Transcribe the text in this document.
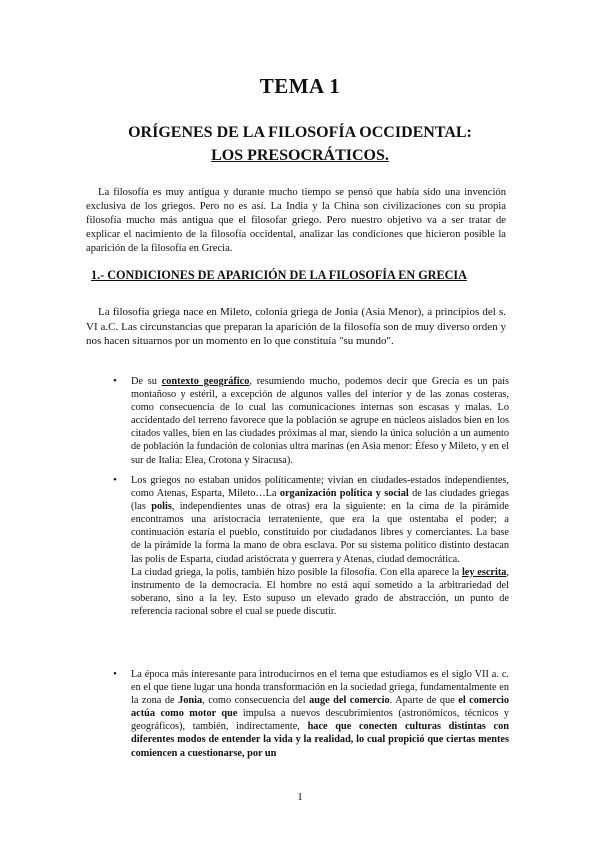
TEMA 1
ORÍGENES DE LA FILOSOFÍA OCCIDENTAL:
LOS PRESOCRÁTICOS.
La filosofía es muy antigua y durante mucho tiempo se pensó que había sido una invención exclusiva de los griegos. Pero no es así. La India y la China son civilizaciones con su propia filosofía mucho más antigua que el filosofar griego. Pero nuestro objetivo va a ser tratar de explicar el nacimiento de la filosofía occidental, analizar las condiciones que hicieron posible la aparición de la filosofía en Grecia.
1.- CONDICIONES DE APARICIÓN DE LA FILOSOFÍA EN GRECIA
La filosofía griega nace en Mileto, colonia griega de Jonia (Asia Menor), a principios del s. VI a.C. Las circunstancias que preparan la aparición de la filosofía son de muy diverso orden y nos hacen situarnos por un momento en lo que constituía "su mundo".
• De su contexto geográfico, resumiendo mucho, podemos decir que Grecia es un país montañoso y estéril, a excepción de algunos valles del interior y de las zonas costeras, como consecuencia de lo cual las comunicaciones internas son escasas y malas. Lo accidentado del terreno favorece que la población se agrupe en núcleos aislados bien en los citados valles, bien en las ciudades próximas al mar, siendo la única solución a un aumento de población la fundación de colonias ultra marinas (en Asia menor: Éfeso y Mileto, y en el sur de Italia: Elea, Crotona y Siracusa).
• Los griegos no estaban unidos políticamente; vivían en ciudades-estados independientes, como Atenas, Esparta, Mileto…La organización política y social de las ciudades griegas (las polis, independientes unas de otras) era la siguiente: en la cima de la pirámide encontramos una aristocracia terrateniente, que era la que ostentaba el poder; a continuación estaría el pueblo, constituido por ciudadanos libres y comerciantes. La base de la pirámide la forma la mano de obra esclava. Por su sistema político distinto destacan las polis de Esparta, ciudad aristócrata y guerrera y Atenas, ciudad democrática.
La ciudad griega, la polis, también hizo posible la filosofía. Con ella aparece la ley escrita, instrumento de la democracia. El hombre no está aquí sometido a la arbitrariedad del soberano, sino a la ley. Esto supuso un elevado grado de abstracción, un punto de referencia racional sobre el cual se puede discutir.
• La época más interesante para introducirnos en el tema que estudiamos es el siglo VII a. c. en el que tiene lugar una honda transformación en la sociedad griega, fundamentalmente en la zona de Jonia, como consecuencia del auge del comercio. Aparte de que el comercio actúa como motor que impulsa a nuevos descubrimientos (astronómicos, técnicos y geográficos), también, indirectamente, hace que conecten culturas distintas con diferentes modos de entender la vida y la realidad, lo cual propició que ciertas mentes comiencen a cuestionarse, por un
1
